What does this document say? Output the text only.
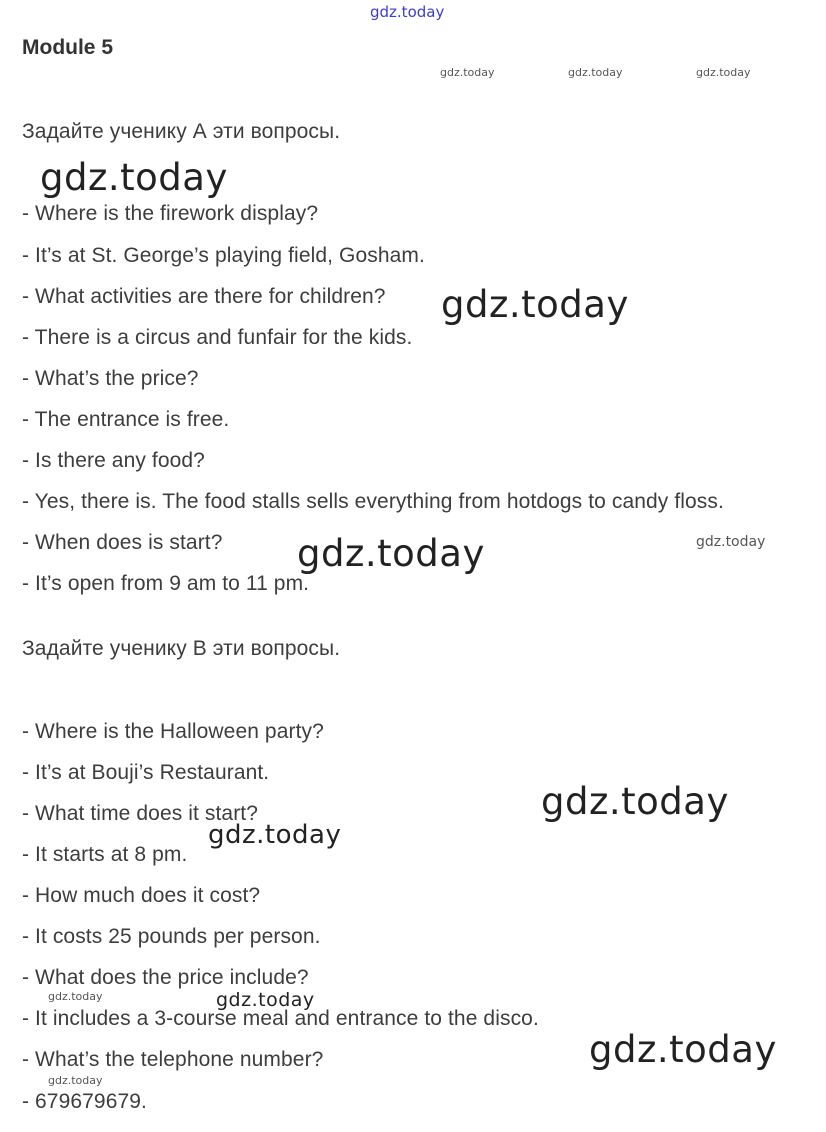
gdz.today
Module 5
gdz.today	gdz.today	gdz.today
Задайте ученику А эти вопросы.
gdz.today
- Where is the firework display?
- It’s at St. George’s playing field, Gosham.
- What activities are there for children? gdz.today
- There is a circus and funfair for the kids.
- What’s the price?
- The entrance is free.
- Is there any food?
- Yes, there is. The food stalls sells everything from hotdogs to candy floss.
- When does is start?	gdz.today
gdz.today
- It’s open from 9 am to 11 pm.
Задайте ученику В эти вопросы.
- Where is the Halloween party?
- It’s at Bouji’s Restaurant.
gdz.today
- What time does it start?
gdz.today
- It starts at 8 pm.
- How much does it cost?
- It costs 25 pounds per person.
- What does the price include?
gdz.today	gdz.today
- It includes a 3-course meal and entrance to the disco.
gdz.today
- What’s the telephone number?
gdz.today
- 679679679.
